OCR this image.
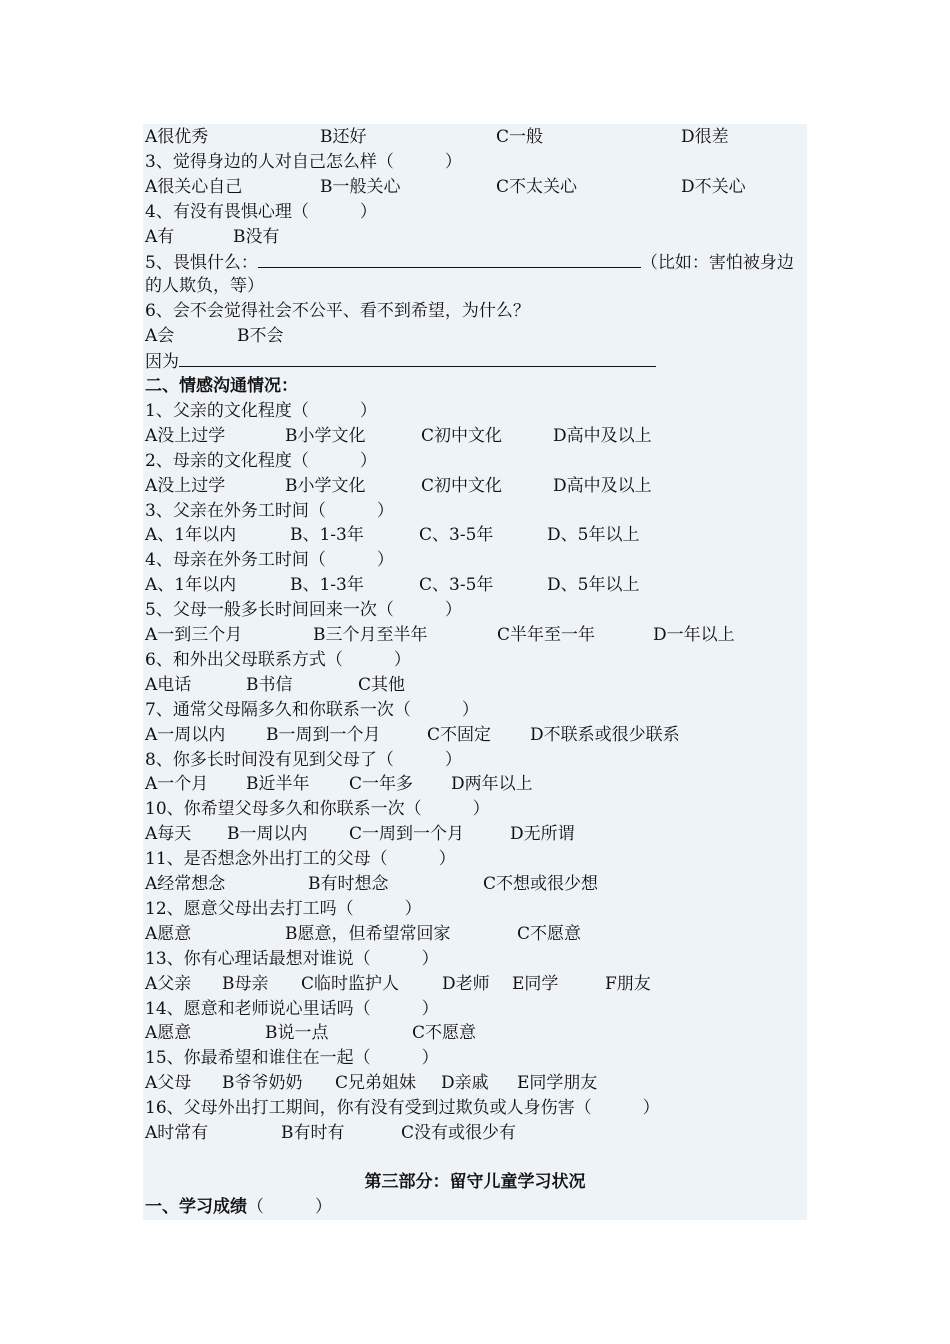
A很优秀	B还好	C一般	D很差
3、觉得身边的人对自己怎么样（　　　）
A很关心自己	B一般关心	C不太关心	D不关心
4、有没有畏惧心理（　　　）
A有	B没有
5、畏惧什么：	（比如：害怕被身边
的人欺负，等）
6、会不会觉得社会不公平、看不到希望，为什么？
A会	B不会
因为
二、情感沟通情况：
1、父亲的文化程度（　　　）
A没上过学	B小学文化	C初中文化	D高中及以上
2、母亲的文化程度（　　　）
A没上过学	B小学文化	C初中文化	D高中及以上
3、父亲在外务工时间（　　　）
A、1年以内	B、1-3年	C、3-5年	D、5年以上
4、母亲在外务工时间（　　　）
A、1年以内	B、1-3年	C、3-5年	D、5年以上
5、父母一般多长时间回来一次（　　　）
A一到三个月	B三个月至半年	C半年至一年	D一年以上
6、和外出父母联系方式（　　　）
A电话	B书信	C其他
7、通常父母隔多久和你联系一次（　　　）
A一周以内 B一周到一个月	C不固定 D不联系或很少联系
8、你多长时间没有见到父母了（　　　）
A一个月 B近半年 C一年多 D两年以上
10、你希望父母多久和你联系一次（　　　）
A每天 B一周以内 C一周到一个月	D无所谓
11、是否想念外出打工的父母（　　　）
A经常想念	B有时想念	C不想或很少想
12、愿意父母出去打工吗（　　　）
A愿意	B愿意，但希望常回家	C不愿意
13、你有心理话最想对谁说（　　　）
A父亲 B母亲 C临时监护人	D老师 E同学	F朋友
14、愿意和老师说心里话吗（　　　）
A愿意	B说一点	C不愿意
15、你最希望和谁住在一起（　　　）
A父母 B爷爷奶奶 C兄弟姐妹 D亲戚 E同学朋友
16、父母外出打工期间，你有没有受到过欺负或人身伤害（　　　）
A时常有	B有时有	C没有或很少有
第三部分：留守儿童学习状况
一、学习成绩（　　　）
